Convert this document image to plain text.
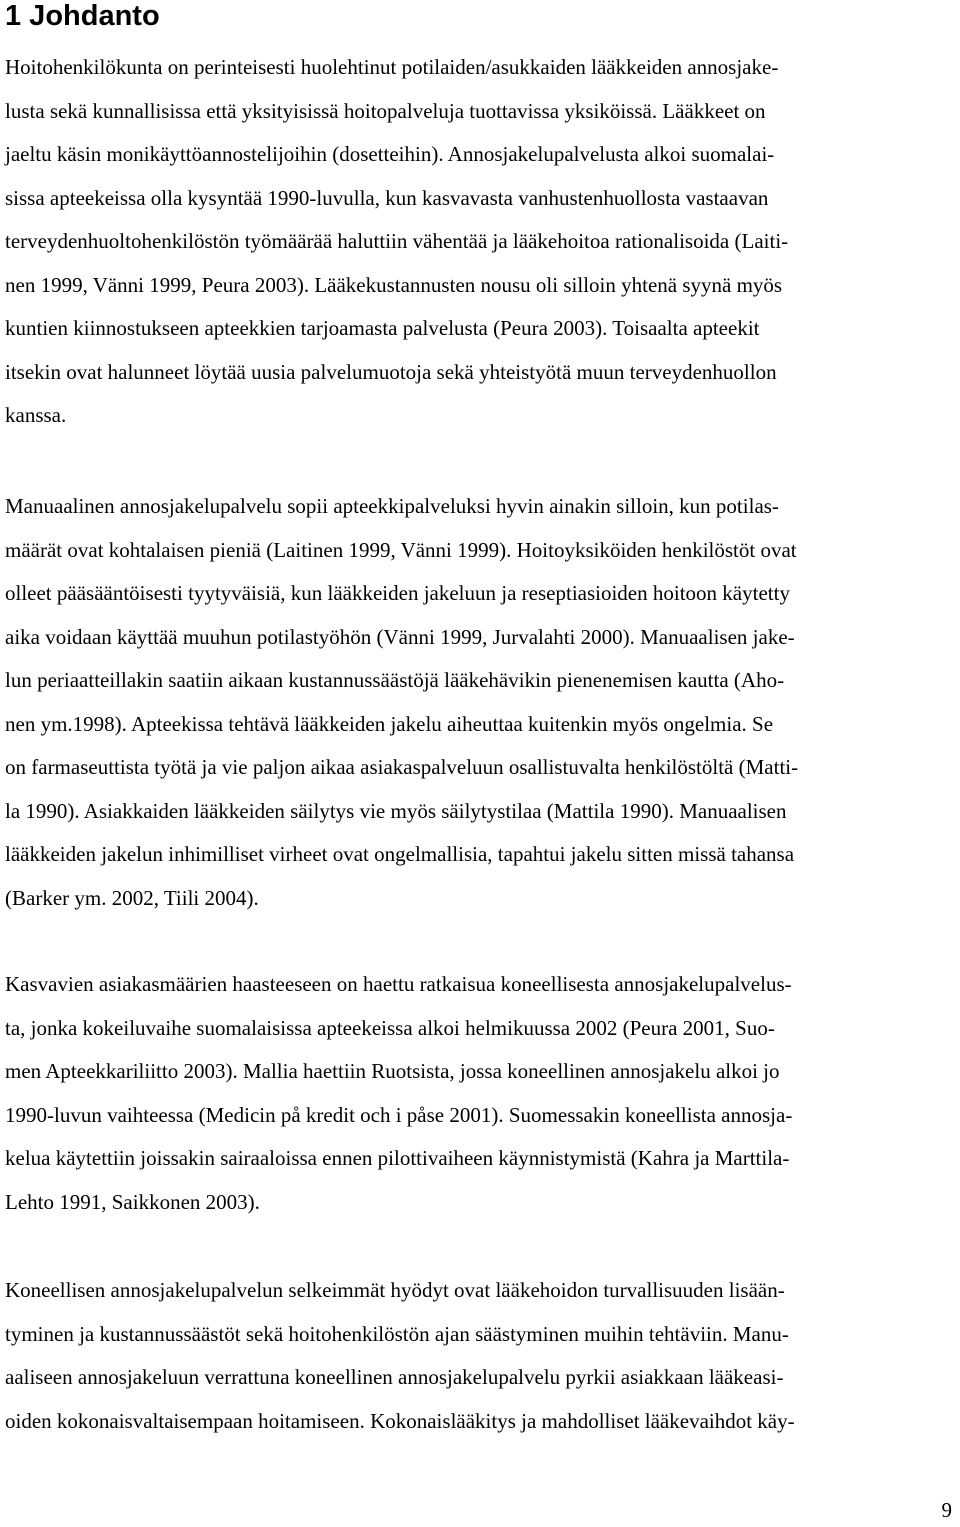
1 Johdanto
Hoitohenkilökunta on perinteisesti huolehtinut potilaiden/asukkaiden lääkkeiden annosjake-
lusta sekä kunnallisissa että yksityisissä hoitopalveluja tuottavissa yksiköissä. Lääkkeet on
jaeltu käsin monikäyttöannostelijoihin (dosetteihin). Annosjakelupalvelusta alkoi suomalai-
sissa apteekeissa olla kysyntää 1990-luvulla, kun kasvavasta vanhustenhuollosta vastaavan
terveydenhuoltohenkilöstön työmäärää haluttiin vähentää ja lääkehoitoa rationalisoida (Laiti-
nen 1999, Vänni 1999, Peura 2003). Lääkekustannusten nousu oli silloin yhtenä syynä myös
kuntien kiinnostukseen apteekkien tarjoamasta palvelusta (Peura 2003). Toisaalta apteekit
itsekin ovat halunneet löytää uusia palvelumuotoja sekä yhteistyötä muun terveydenhuollon
kanssa.
Manuaalinen annosjakelupalvelu sopii apteekkipalveluksi hyvin ainakin silloin, kun potilas-
määrät ovat kohtalaisen pieniä (Laitinen 1999, Vänni 1999). Hoitoyksiköiden henkilöstöt ovat
olleet pääsääntöisesti tyytyväisiä, kun lääkkeiden jakeluun ja reseptiasioiden hoitoon käytetty
aika voidaan käyttää muuhun potilastyöhön (Vänni 1999, Jurvalahti 2000). Manuaalisen jake-
lun periaatteillakin saatiin aikaan kustannussäästöjä lääkehävikin pienenemisen kautta (Aho-
nen ym.1998). Apteekissa tehtävä lääkkeiden jakelu aiheuttaa kuitenkin myös ongelmia. Se
on farmaseuttista työtä ja vie paljon aikaa asiakaspalveluun osallistuvalta henkilöstöltä (Matti-
la 1990). Asiakkaiden lääkkeiden säilytys vie myös säilytystilaa (Mattila 1990). Manuaalisen
lääkkeiden jakelun inhimilliset virheet ovat ongelmallisia, tapahtui jakelu sitten missä tahansa
(Barker ym. 2002, Tiili 2004).
Kasvavien asiakasmäärien haasteeseen on haettu ratkaisua koneellisesta annosjakelupalvelus-
ta, jonka kokeiluvaihe suomalaisissa apteekeissa alkoi helmikuussa 2002 (Peura 2001, Suo-
men Apteekkariliitto 2003). Mallia haettiin Ruotsista, jossa koneellinen annosjakelu alkoi jo
1990-luvun vaihteessa (Medicin på kredit och i påse 2001). Suomessakin koneellista annosja-
kelua käytettiin joissakin sairaaloissa ennen pilottivaiheen käynnistymistä (Kahra ja Marttila-
Lehto 1991, Saikkonen 2003).
Koneellisen annosjakelupalvelun selkeimmät hyödyt ovat lääkehoidon turvallisuuden lisään-
tyminen ja kustannussäästöt sekä hoitohenkilöstön ajan säästyminen muihin tehtäviin. Manu-
aaliseen annosjakeluun verrattuna koneellinen annosjakelupalvelu pyrkii asiakkaan lääkeasi-
oiden kokonaisvaltaisempaan hoitamiseen. Kokonaislääkitys ja mahdolliset lääkevaihdot käy-
9
